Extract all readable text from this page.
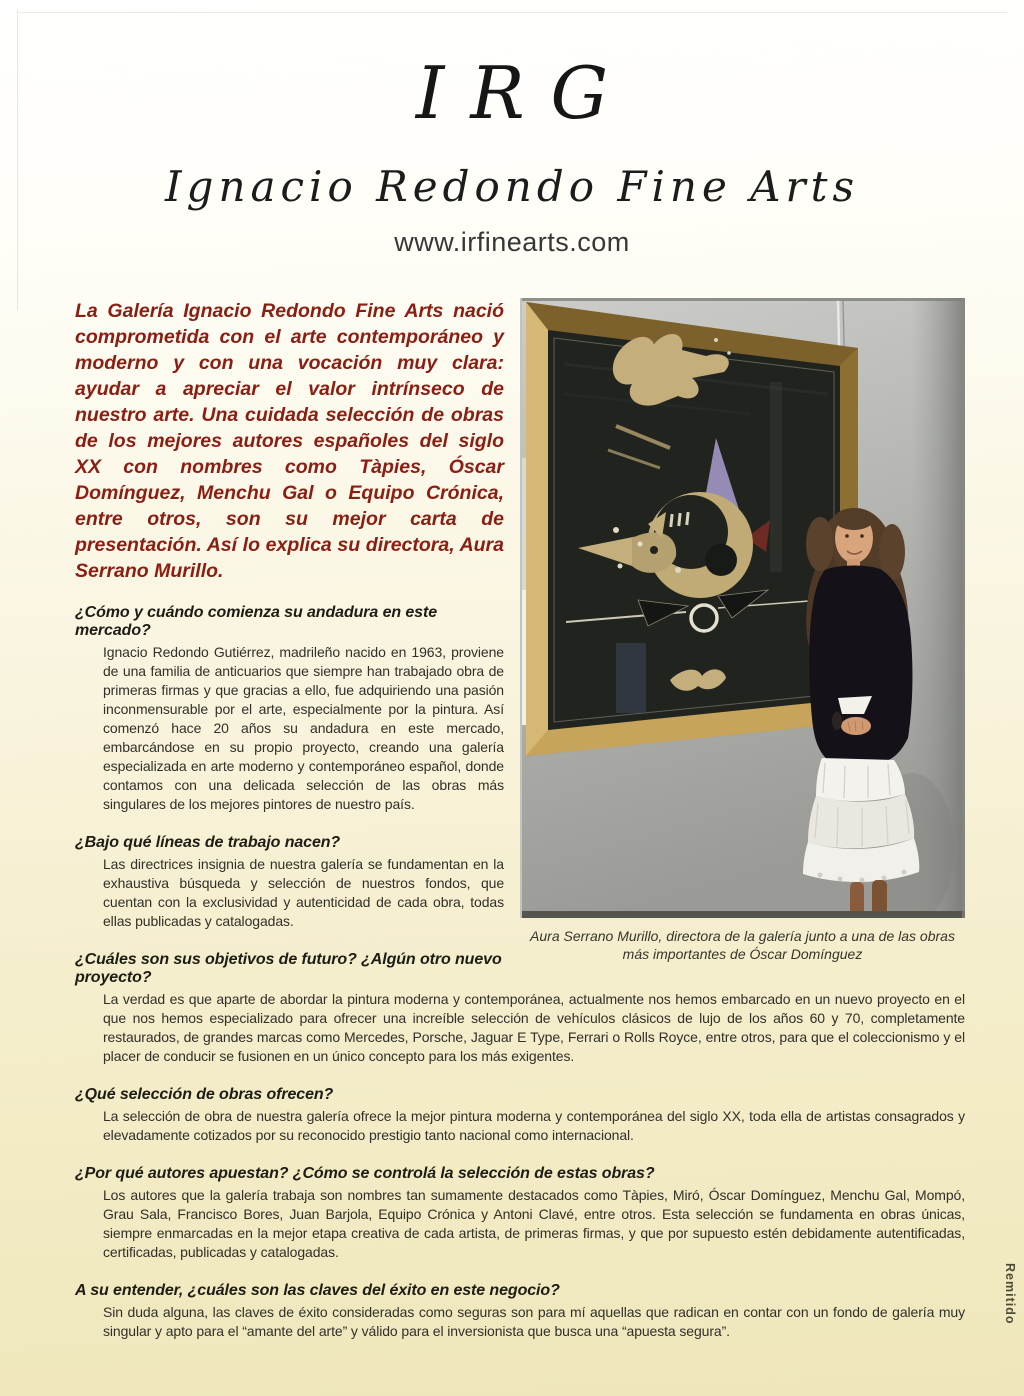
IRG
Ignacio Redondo Fine Arts
www.irfinearts.com
Aura Serrano Murillo, directora de la galería junto a una de las obras más importantes de Óscar Domínguez

La Galería Ignacio Redondo Fine Arts nació comprometida con el arte contemporáneo y moderno y con una vocación muy clara: ayudar a apreciar el valor intrínseco de nuestro arte. Una cuidada selección de obras de los mejores autores españoles del siglo XX con nombres como Tàpies, Óscar Domínguez, Menchu Gal o Equipo Crónica, entre otros, son su mejor carta de presentación. Así lo explica su directora, Aura Serrano Murillo.

¿Cómo y cuándo comienza su andadura en este mercado?

Ignacio Redondo Gutiérrez, madrileño nacido en 1963, proviene de una familia de anticuarios que siempre han trabajado obra de primeras firmas y que gracias a ello, fue adquiriendo una pasión inconmensurable por el arte, especialmente por la pintura. Así comenzó hace 20 años su andadura en este mercado, embarcándose en su propio proyecto, creando una galería especializada en arte moderno y contemporáneo español, donde contamos con una delicada selección de las obras más singulares de los mejores pintores de nuestro país.

¿Bajo qué líneas de trabajo nacen?

Las directrices insignia de nuestra galería se fundamentan en la exhaustiva búsqueda y selección de nuestros fondos, que cuentan con la exclusividad y autenticidad de cada obra, todas ellas publicadas y catalogadas.

¿Cuáles son sus objetivos de futuro? ¿Algún otro nuevo proyecto?

La verdad es que aparte de abordar la pintura moderna y contemporánea, actualmente nos hemos embarcado en un nuevo proyecto en el que nos hemos especializado para ofrecer una increíble selección de vehículos clásicos de lujo de los años 60 y 70, completamente restaurados, de grandes marcas como Mercedes, Porsche, Jaguar E Type, Ferrari o Rolls Royce, entre otros, para que el coleccionismo y el placer de conducir se fusionen en un único concepto para los más exigentes.

¿Qué selección de obras ofrecen?

La selección de obra de nuestra galería ofrece la mejor pintura moderna y contemporánea del siglo XX, toda ella de artistas consagrados y elevadamente cotizados por su reconocido prestigio tanto nacional como internacional.

¿Por qué autores apuestan? ¿Cómo se controlá la selección de estas obras?

Los autores que la galería trabaja son nombres tan sumamente destacados como Tàpies, Miró, Óscar Domínguez, Menchu Gal, Mompó, Grau Sala, Francisco Bores, Juan Barjola, Equipo Crónica y Antoni Clavé, entre otros. Esta selección se fundamenta en obras únicas, siempre enmarcadas en la mejor etapa creativa de cada artista, de primeras firmas, y que por supuesto estén debidamente autentificadas, certificadas, publicadas y catalogadas.

A su entender, ¿cuáles son las claves del éxito en este negocio?

Sin duda alguna, las claves de éxito consideradas como seguras son para mí aquellas que radican en contar con un fondo de galería muy singular y apto para el “amante del arte” y válido para el inversionista que busca una “apuesta segura”.

Remitido
